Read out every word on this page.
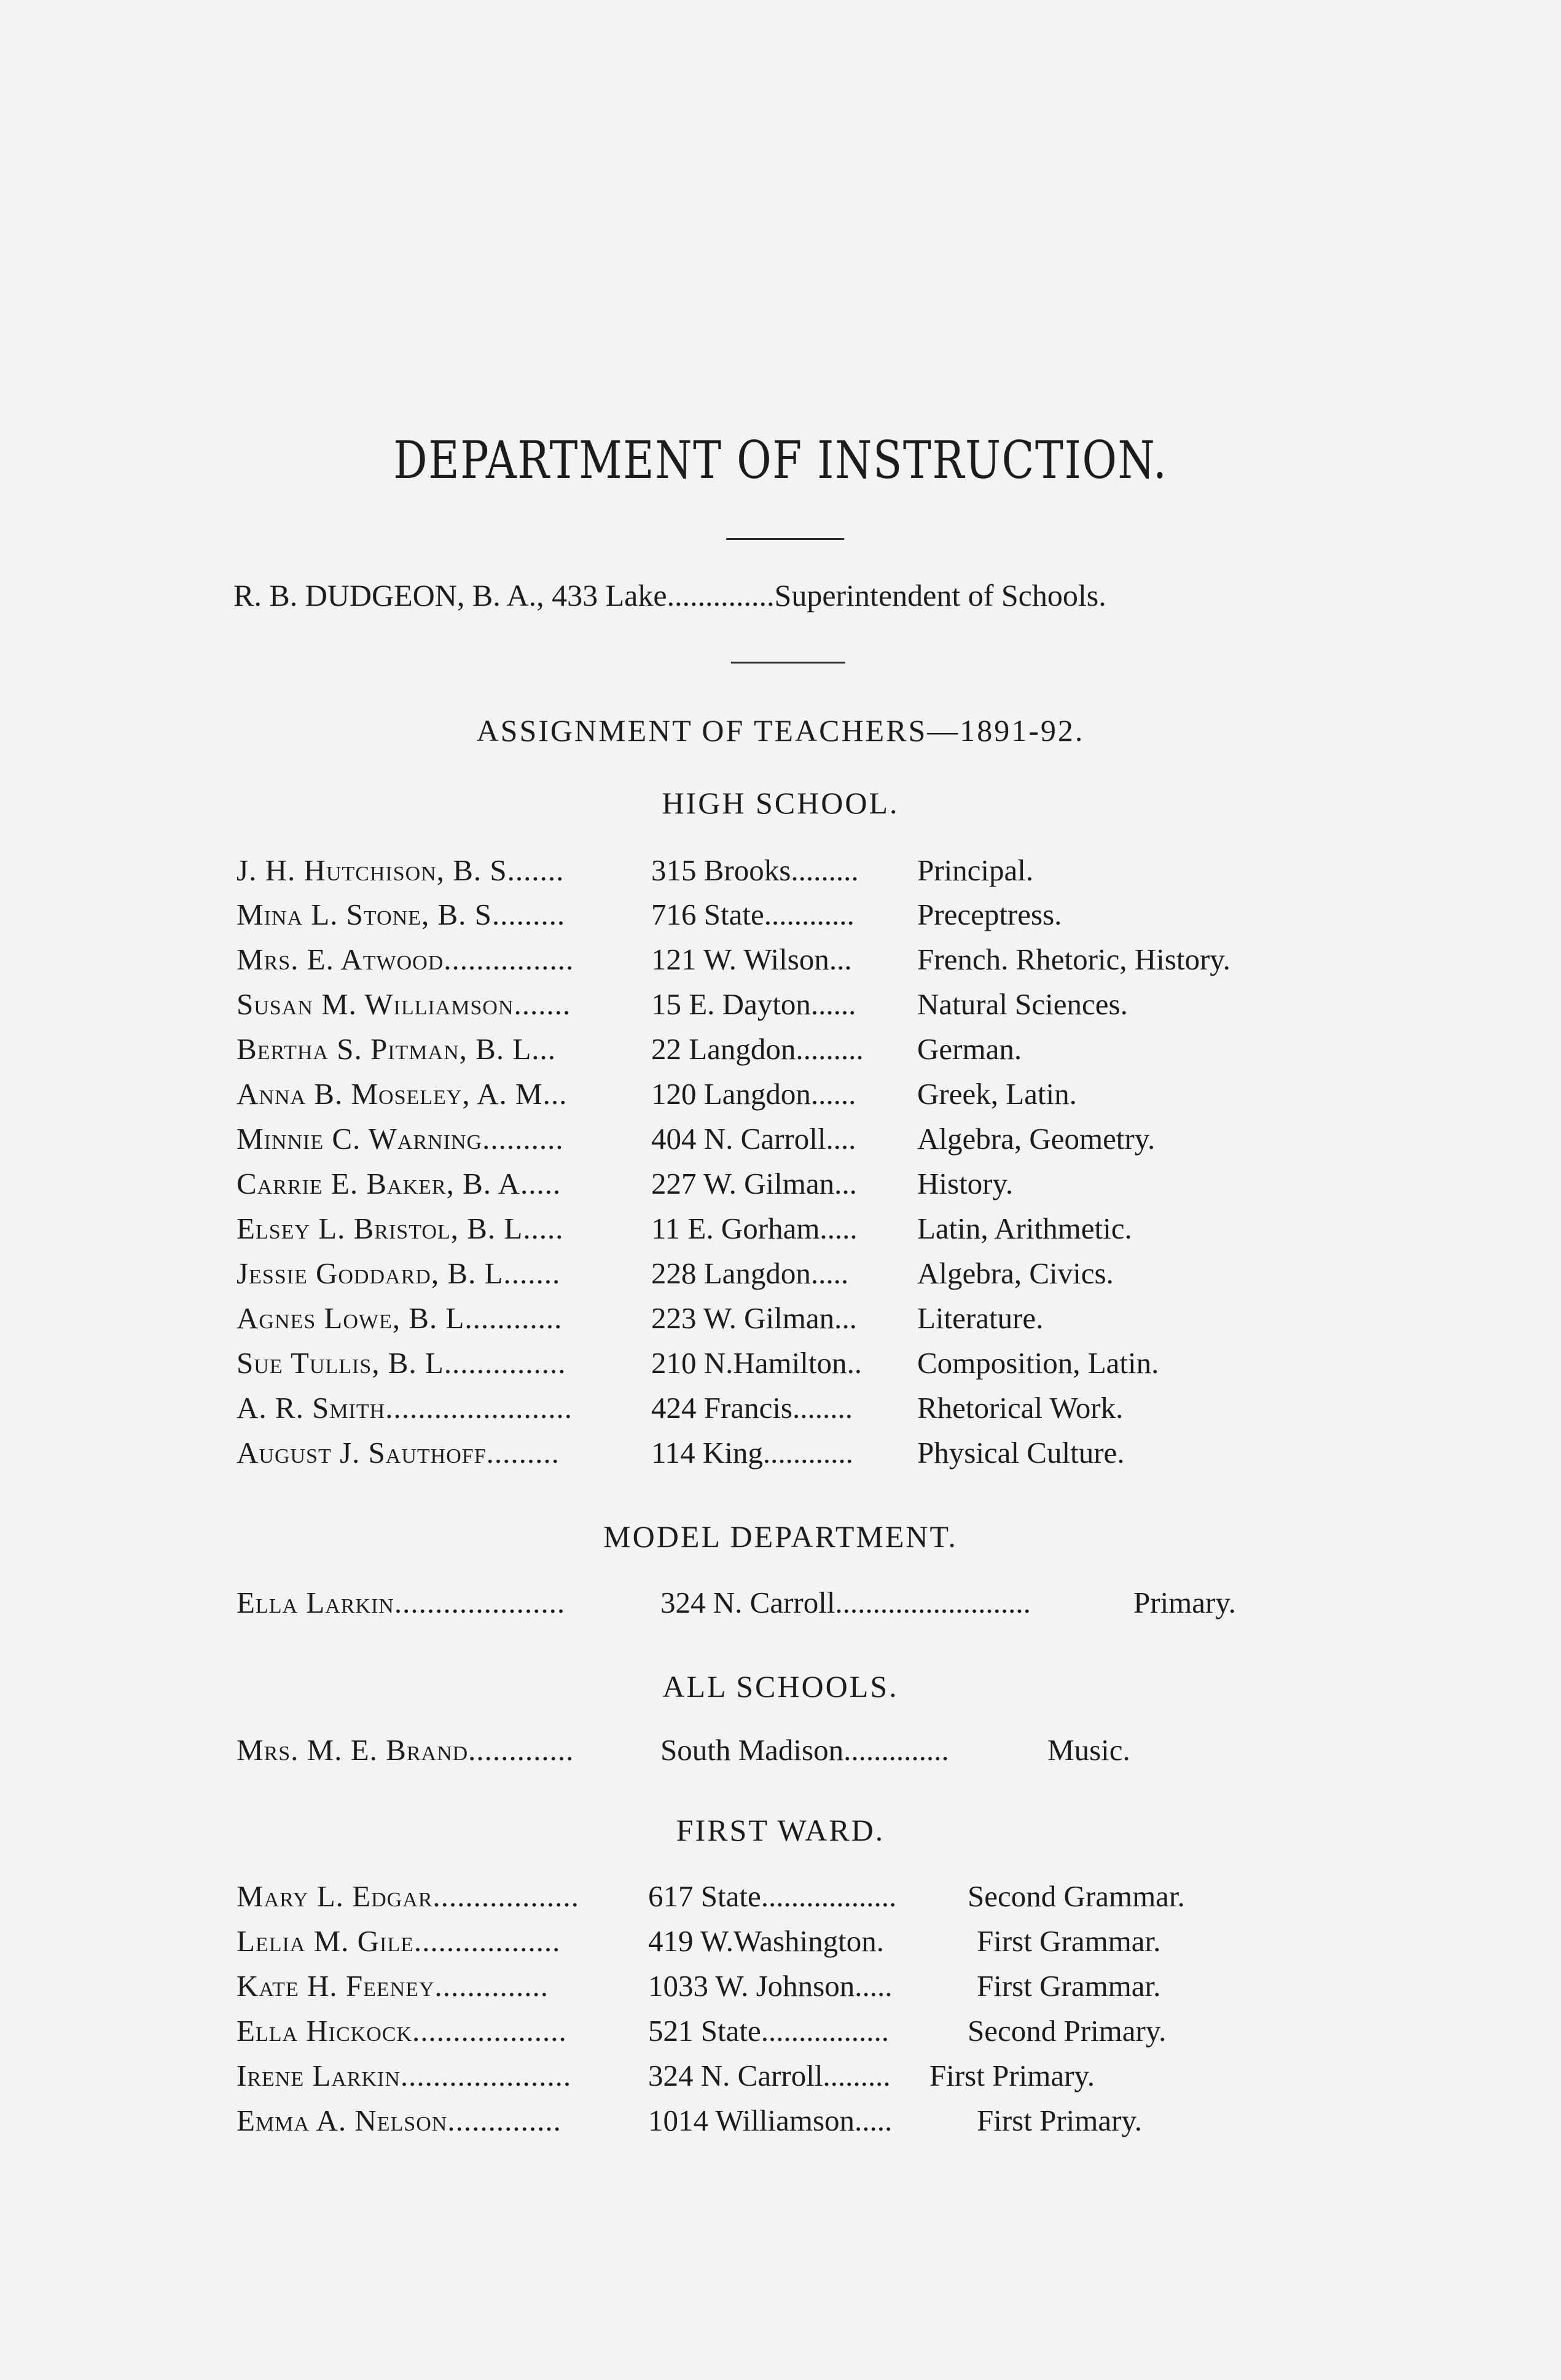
DEPARTMENT OF INSTRUCTION.
R. B. DUDGEON, B. A., 433 Lake..............Superintendent of Schools.
ASSIGNMENT OF TEACHERS—1891-92.
HIGH SCHOOL.
J. H. Hutchison, B. S.......	315 Brooks......... Principal.
Mina L. Stone, B. S.........	716 State............ Preceptress.
Mrs. E. Atwood................	121 W. Wilson... French. Rhetoric, History.
Susan M. Williamson.......	15 E. Dayton...... Natural Sciences.
Bertha S. Pitman, B. L...	22 Langdon......... German.
Anna B. Moseley, A. M...	120 Langdon...... Greek, Latin.
Minnie C. Warning..........	404 N. Carroll.... Algebra, Geometry.
Carrie E. Baker, B. A.....	227 W. Gilman... History.
Elsey L. Bristol, B. L.....	11 E. Gorham..... Latin, Arithmetic.
Jessie Goddard, B. L.......	228 Langdon..... Algebra, Civics.
Agnes Lowe, B. L............	223 W. Gilman... Literature.
Sue Tullis, B. L...............	210 N.Hamilton.. Composition, Latin.
A. R. Smith.......................	424 Francis........ Rhetorical Work.
August J. Sauthoff.........	114 King............ Physical Culture.
MODEL DEPARTMENT.
Ella Larkin.....................	324 N. Carroll..........................	Primary.
ALL SCHOOLS.
Mrs. M. E. Brand.............	South Madison..............	Music.
FIRST WARD.
Mary L. Edgar.................. 617 State.................. Second Grammar.
Lelia M. Gile..................	419 W.Washington.	First Grammar.
Kate H. Feeney..............	1033 W. Johnson.....	First Grammar.
Ella Hickock...................	521 State.................	Second Primary.
Irene Larkin.....................	324 N. Carroll......... First Primary.
Emma A. Nelson..............	1014 Williamson.....	First Primary.
